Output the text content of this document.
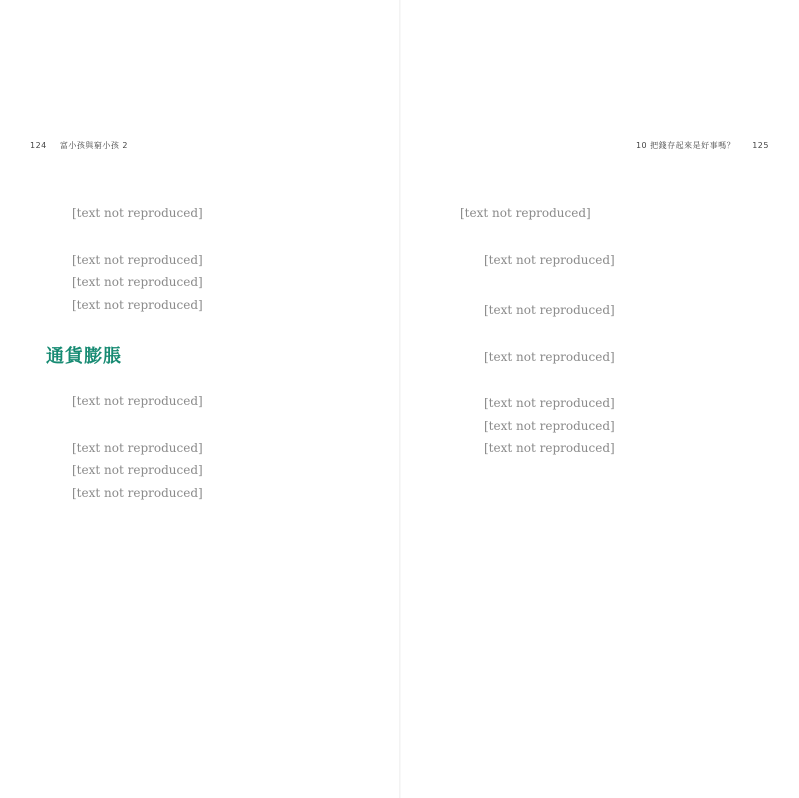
124 富小孩與窮小孩 2

[text not reproduced]

[text not reproduced]

[text not reproduced]

[text not reproduced]

通貨膨脹

[text not reproduced]

[text not reproduced]

[text not reproduced]

[text not reproduced]

10 把錢存起來是好事嗎？ 125

[text not reproduced]

[text not reproduced]

[text not reproduced]

[text not reproduced]

[text not reproduced]

[text not reproduced]

[text not reproduced]
